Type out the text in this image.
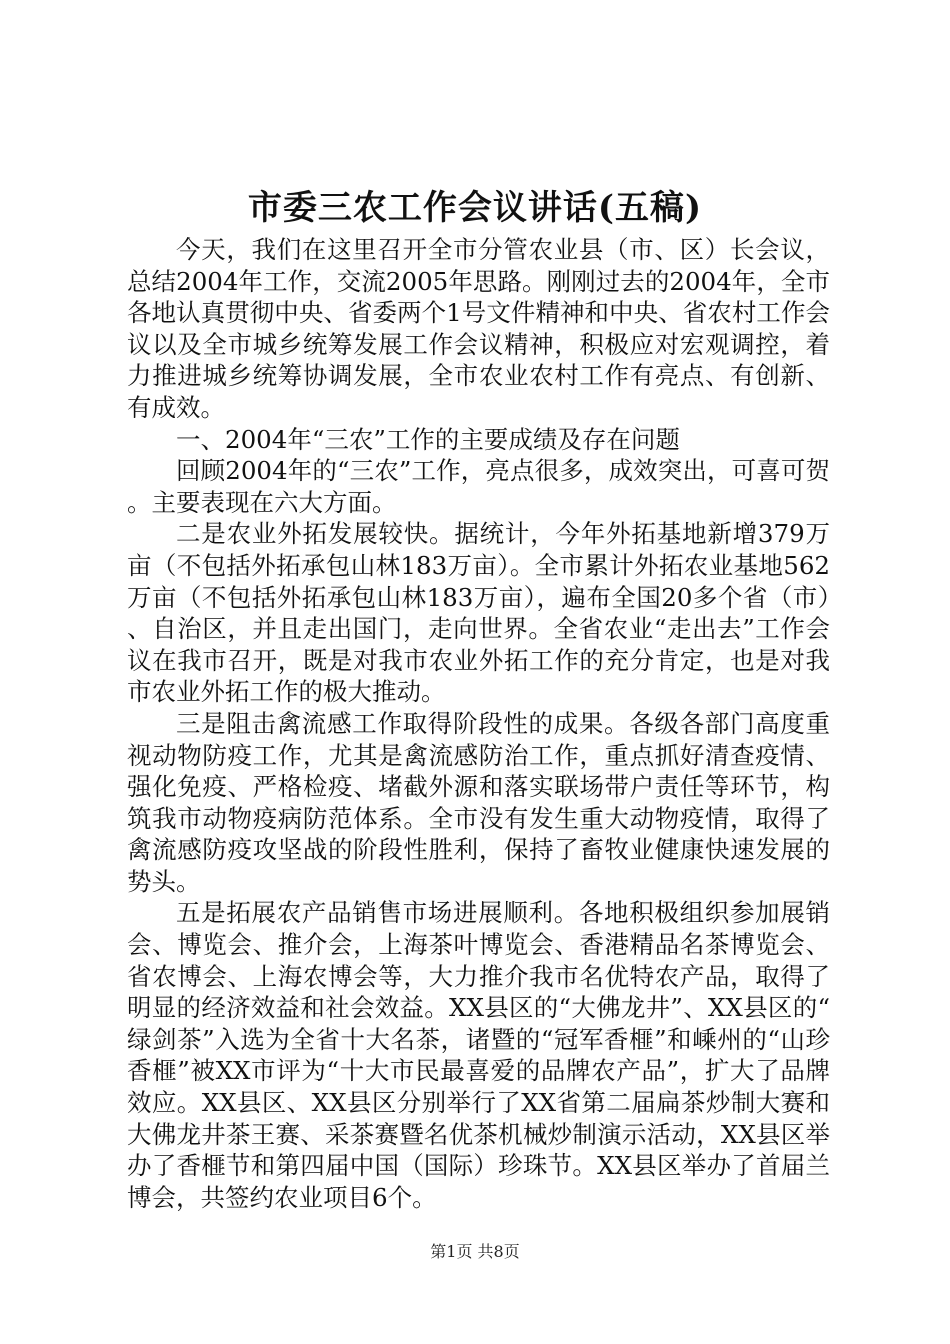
市委三农工作会议讲话(五稿)

今天，我们在这里召开全市分管农业县（市、区）长会议，总结2004年工作，交流2005年思路。刚刚过去的2004年，全市各地认真贯彻中央、省委两个1号文件精神和中央、省农村工作会议以及全市城乡统筹发展工作会议精神，积极应对宏观调控，着力推进城乡统筹协调发展，全市农业农村工作有亮点、有创新、有成效。

一、2004年“三农”工作的主要成绩及存在问题

回顾2004年的“三农”工作，亮点很多，成效突出，可喜可贺。主要表现在六大方面。

二是农业外拓发展较快。据统计，今年外拓基地新增379万亩（不包括外拓承包山林183万亩）。全市累计外拓农业基地562万亩（不包括外拓承包山林183万亩），遍布全国20多个省（市）、自治区，并且走出国门，走向世界。全省农业“走出去”工作会议在我市召开，既是对我市农业外拓工作的充分肯定，也是对我市农业外拓工作的极大推动。

三是阻击禽流感工作取得阶段性的成果。各级各部门高度重视动物防疫工作，尤其是禽流感防治工作，重点抓好清查疫情、强化免疫、严格检疫、堵截外源和落实联场带户责任等环节，构筑我市动物疫病防范体系。全市没有发生重大动物疫情，取得了禽流感防疫攻坚战的阶段性胜利，保持了畜牧业健康快速发展的势头。

五是拓展农产品销售市场进展顺利。各地积极组织参加展销会、博览会、推介会，上海茶叶博览会、香港精品名茶博览会、省农博会、上海农博会等，大力推介我市名优特农产品，取得了明显的经济效益和社会效益。XX县区的“大佛龙井”、XX县区的“绿剑茶”入选为全省十大名茶，诸暨的“冠军香榧”和嵊州的“山珍香榧”被XX市评为“十大市民最喜爱的品牌农产品”，扩大了品牌效应。XX县区、XX县区分别举行了XX省第二届扁茶炒制大赛和大佛龙井茶王赛、采茶赛暨名优茶机械炒制演示活动，XX县区举办了香榧节和第四届中国（国际）珍珠节。XX县区举办了首届兰博会，共签约农业项目6个。

第1页 共8页
